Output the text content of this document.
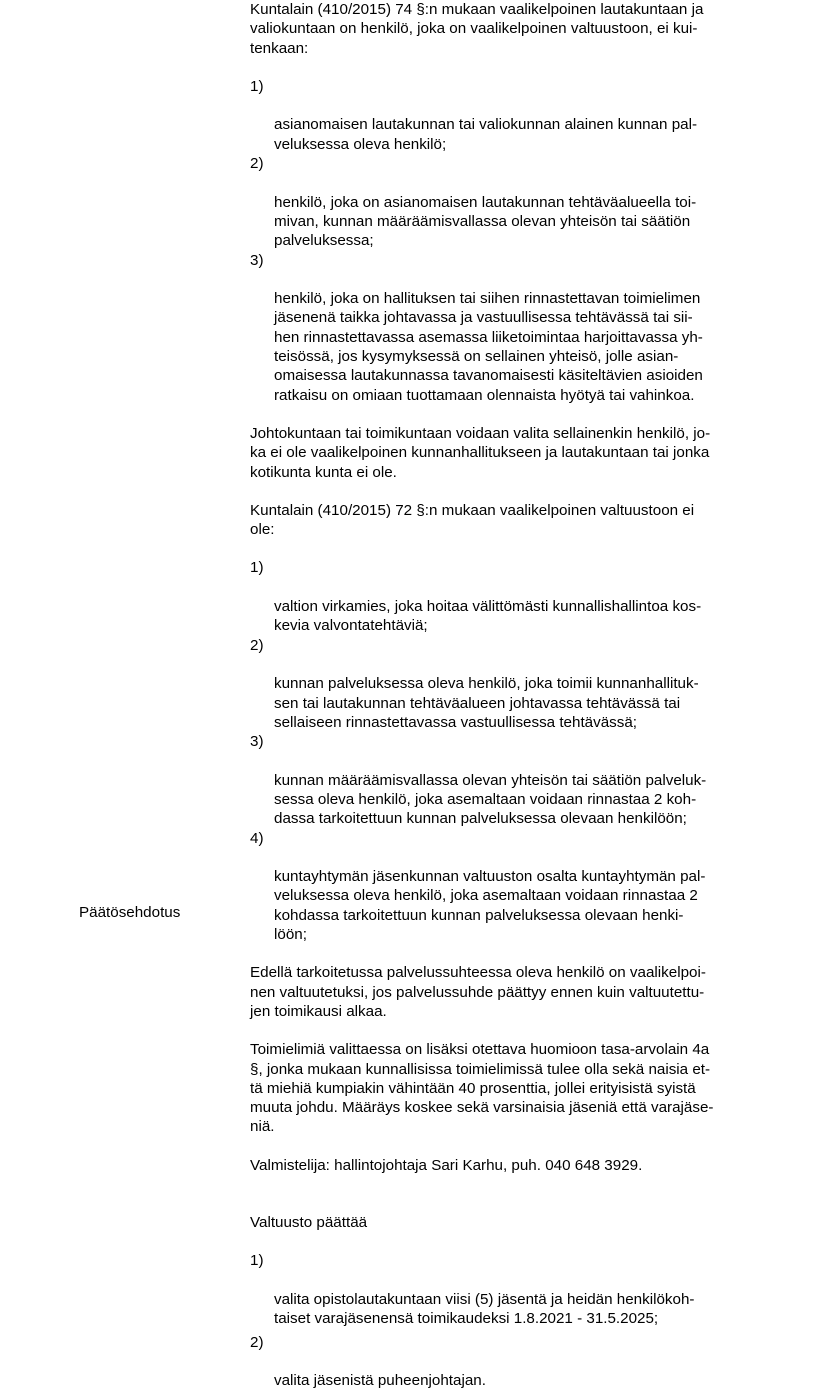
Päätösehdotus

Kuntalain (410/2015) 74 §:n mukaan vaalikelpoinen lautakuntaan ja
valiokuntaan on henkilö, joka on vaalikelpoinen valtuustoon, ei kui-
tenkaan:

1)

asianomaisen lautakunnan tai valiokunnan alainen kunnan pal-
veluksessa oleva henkilö;

2)

henkilö, joka on asianomaisen lautakunnan tehtäväalueella toi-
mivan, kunnan määräämisvallassa olevan yhteisön tai säätiön
palveluksessa;

3)

henkilö, joka on hallituksen tai siihen rinnastettavan toimielimen
jäsenenä taikka johtavassa ja vastuullisessa tehtävässä tai sii-
hen rinnastettavassa asemassa liiketoimintaa harjoittavassa yh-
teisössä, jos kysymyksessä on sellainen yhteisö, jolle asian-
omaisessa lautakunnassa tavanomaisesti käsiteltävien asioiden
ratkaisu on omiaan tuottamaan olennaista hyötyä tai vahinkoa.

Johtokuntaan tai toimikuntaan voidaan valita sellainenkin henkilö, jo-
ka ei ole vaalikelpoinen kunnanhallitukseen ja lautakuntaan tai jonka
kotikunta kunta ei ole.

Kuntalain (410/2015) 72 §:n mukaan vaalikelpoinen valtuustoon ei
ole:

1)

valtion virkamies, joka hoitaa välittömästi kunnallishallintoa kos-
kevia valvontatehtäviä;

2)

kunnan palveluksessa oleva henkilö, joka toimii kunnanhallituk-
sen tai lautakunnan tehtäväalueen johtavassa tehtävässä tai
sellaiseen rinnastettavassa vastuullisessa tehtävässä;

3)

kunnan määräämisvallassa olevan yhteisön tai säätiön palveluk-
sessa oleva henkilö, joka asemaltaan voidaan rinnastaa 2 koh-
dassa tarkoitettuun kunnan palveluksessa olevaan henkilöön;

4)

kuntayhtymän jäsenkunnan valtuuston osalta kuntayhtymän pal-
veluksessa oleva henkilö, joka asemaltaan voidaan rinnastaa 2
kohdassa tarkoitettuun kunnan palveluksessa olevaan henki-
löön;

Edellä tarkoitetussa palvelussuhteessa oleva henkilö on vaalikelpoi-
nen valtuutetuksi, jos palvelussuhde päättyy ennen kuin valtuutettu-
jen toimikausi alkaa.

Toimielimiä valittaessa on lisäksi otettava huomioon tasa-arvolain 4a
§, jonka mukaan kunnallisissa toimielimissä tulee olla sekä naisia et-
tä miehiä kumpiakin vähintään 40 prosenttia, jollei erityisistä syistä
muuta johdu. Määräys koskee sekä varsinaisia jäseniä että varajäse-
niä.

Valmistelija: hallintojohtaja Sari Karhu, puh. 040 648 3929.

Valtuusto päättää

1)

valita opistolautakuntaan viisi (5) jäsentä ja heidän henkilökoh-
taiset varajäsenensä toimikaudeksi 1.8.2021 - 31.5.2025;

2)

valita jäsenistä puheenjohtajan.
